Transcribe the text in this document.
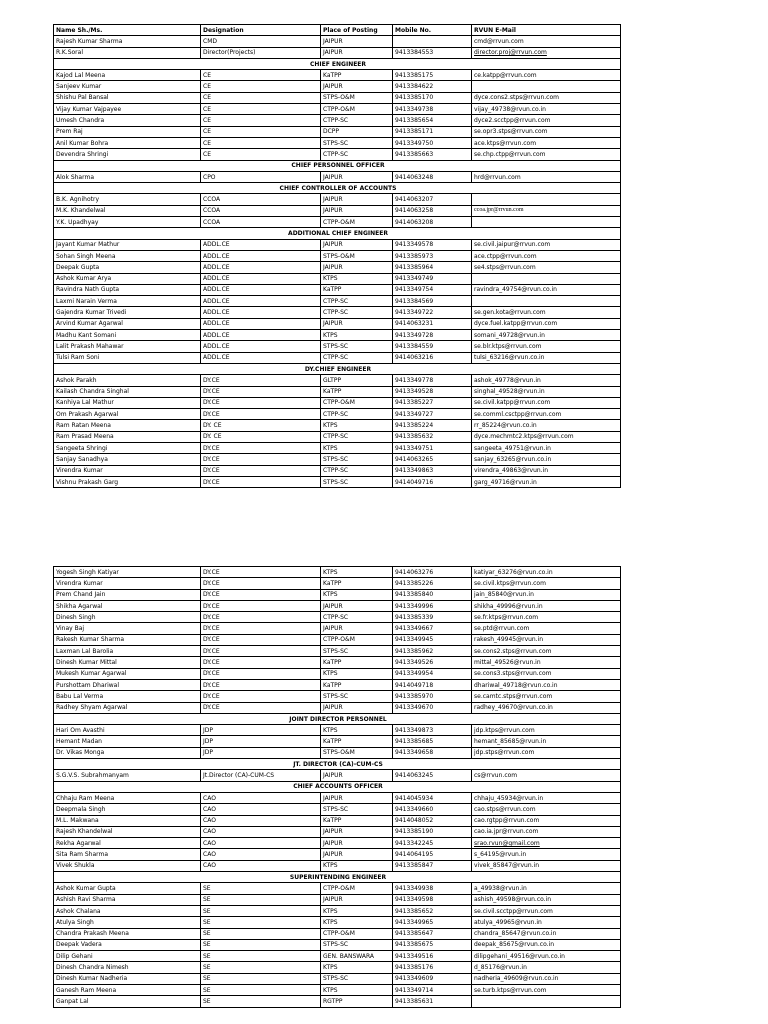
Name Sh./Ms.	Designation	Place of Posting	Mobile No.	RVUN E-Mail
Rajesh Kumar Sharma	CMD	JAIPUR		cmd@rrvun.com
R.K.Soral	Director(Projects)	JAIPUR	9413384553	director.proj@rrvun.com
CHIEF ENGINEER				
Kajod Lal Meena	CE	KaTPP	9413385175	ce.katpp@rrvun.com
Sanjeev Kumar	CE	JAIPUR	9413384622	
Shishu Pal Bansal	CE	STPS-O&M	9413385170	dyce.cons2.stps@rrvun.com
Vijay Kumar Vajpayee	CE	CTPP-O&M	9413349738	vijay_49738@rvun.co.in
Umesh Chandra	CE	CTPP-SC	9413385654	dyce2.scctpp@rrvun.com
Prem Raj	CE	DCPP	9413385171	se.opr3.stps@rrvun.com
Anil Kumar Bohra	CE	STPS-SC	9413349750	ace.ktps@rrvun.com
Devendra Shringi	CE	CTPP-SC	9413385663	se.chp.ctpp@rrvun.com
CHIEF PERSONNEL OFFICER				
Alok Sharma	CPO	JAIPUR	9414063248	hrd@rrvun.com
CHIEF CONTROLLER OF ACCOUNTS				
B.K. Agnihotry	CCOA	JAIPUR	9414063207	
M.K. Khandelwal	CCOA	JAIPUR	9414063258	ccoa.jpr@rrvun.com
Y.K. Upadhyay	CCOA	CTPP-O&M	9414063208	
ADDITIONAL CHIEF ENGINEER				
Jayant Kumar Mathur	ADDL.CE	JAIPUR	9413349578	se.civil.jaipur@rrvun.com
Sohan Singh Meena	ADDL.CE	STPS-O&M	9413385973	ace.ctpp@rrvun.com
Deepak Gupta	ADDL.CE	JAIPUR	9413385964	se4.stps@rrvun.com
Ashok Kumar Arya	ADDL.CE	KTPS	9413349749	
Ravindra Nath Gupta	ADDL.CE	KaTPP	9413349754	ravindra_49754@rvun.co.in
Laxmi Narain Verma	ADDL.CE	CTPP-SC	9413384569	
Gajendra Kumar Trivedi	ADDL.CE	CTPP-SC	9413349722	se.gen.kota@rrvun.com
Arvind Kumar Agarwal	ADDL.CE	JAIPUR	9414063231	dyce.fuel.katpp@rrvun.com
Madhu Kant Somani	ADDL.CE	KTPS	9413349728	somani_49728@rvun.in
Lalit Prakash Mahawar	ADDL.CE	STPS-SC	9413384559	se.blr.ktps@rrvun.com
Tulsi Ram Soni	ADDL.CE	CTPP-SC	9414063216	tulsi_63216@rvun.co.in
DY.CHIEF ENGINEER				
Ashok Parakh	DY.CE	GLTPP	9413349778	ashok_49778@rvun.in
Kailash Chandra Singhal	DY.CE	KaTPP	9413349528	singhal_49528@rvun.in
Kanhiya Lal Mathur	DY.CE	CTPP-O&M	9413385227	se.civil.katpp@rrvun.com
Om Prakash Agarwal	DY.CE	CTPP-SC	9413349727	se.comml.csctpp@rrvun.com
Ram Ratan Meena	DY. CE	KTPS	9413385224	rr_85224@rvun.co.in
Ram Prasad Meena	DY. CE	CTPP-SC	9413385632	dyce.mechmtc2.ktps@rrvun.com
Sangeeta Shringi	DY.CE	KTPS	9413349751	sangeeta_49751@rvun.in
Sanjay Sanadhya	DY.CE	STPS-SC	9414063265	sanjay_63265@rvun.co.in
Virendra Kumar	DY.CE	CTPP-SC	9413349863	virendra_49863@rvun.in
Vishnu Prakash Garg	DY.CE	STPS-SC	9414049716	garg_49716@rvun.in
Yogesh Singh Katiyar	DY.CE	KTPS	9414063276	katiyar_63276@rvun.co.in
Virendra Kumar	DY.CE	KaTPP	9413385226	se.civil.ktps@rrvun.com
Prem Chand Jain	DY.CE	KTPS	9413385840	jain_85840@rvun.in
Shikha Agarwal	DY.CE	JAIPUR	9413349996	shikha_49996@rvun.in
Dinesh Singh	DY.CE	CTPP-SC	9413385339	se.fr.ktps@rrvun.com
Vinay Baj	DY.CE	JAIPUR	9413349667	se.ptd@rrvun.com
Rakesh Kumar Sharma	DY.CE	CTPP-O&M	9413349945	rakesh_49945@rvun.in
Laxman Lal Barolia	DY.CE	STPS-SC	9413385962	se.cons2.stps@rrvun.com
Dinesh Kumar Mittal	DY.CE	KaTPP	9413349526	mittal_49526@rvun.in
Mukesh Kumar Agarwal	DY.CE	KTPS	9413349954	se.cons3.stps@rrvun.com
Purshottam Dhariwal	DY.CE	KaTPP	9414049718	dhariwal_49718@rvun.co.in
Babu Lal Verma	DY.CE	STPS-SC	9413385970	se.camtc.stps@rrvun.com
Radhey Shyam Agarwal	DY.CE	JAIPUR	9413349670	radhey_49670@rvun.co.in
JOINT DIRECTOR PERSONNEL				
Hari Om Avasthi	JDP	KTPS	9413349873	jdp.ktps@rrvun.com
Hemant Madan	JDP	KaTPP	9413385685	hemant_85685@rvun.in
Dr. Vikas Monga	JDP	STPS-O&M	9413349658	jdp.stps@rrvun.com
JT. DIRECTOR (CA)-CUM-CS				
S.G.V.S. Subrahmanyam	Jt.Director (CA)-CUM-CS	JAIPUR	9414063245	cs@rrvun.com
CHIEF ACCOUNTS OFFICER				
Chhaju Ram Meena	CAO	JAIPUR	9414045934	chhaju_45934@rvun.in
Deepmala Singh	CAO	STPS-SC	9413349660	cao.stps@rrvun.com
M.L. Makwana	CAO	KaTPP	9414048052	cao.rgtpp@rrvun.com
Rajesh Khandelwal	CAO	JAIPUR	9413385190	cao.ia.jpr@rrvun.com
Rekha Agarwal	CAO	JAIPUR	9413342245	srao.rvun@gmail.com
Sita Ram Sharma	CAO	JAIPUR	9414064195	s_64195@rvun.in
Vivek Shukla	CAO	KTPS	9413385847	vivek_85847@rvun.in
SUPERINTENDING ENGINEER				
Ashok Kumar Gupta	SE	CTPP-O&M	9413349938	a_49938@rvun.in
Ashish Ravi Sharma	SE	JAIPUR	9413349598	ashish_49598@rvun.co.in
Ashok Chalana	SE	KTPS	9413385652	se.civil.scctpp@rrvun.com
Atulya Singh	SE	KTPS	9413349965	atulya_49965@rvun.in
Chandra Prakash Meena	SE	CTPP-O&M	9413385647	chandra_85647@rvun.co.in
Deepak Vadera	SE	STPS-SC	9413385675	deepak_85675@rvun.co.in
Dilip Gehani	SE	GEN. BANSWARA	9413349516	dilipgehani_49516@rvun.co.in
Dinesh Chandra Nimesh	SE	KTPS	9413385176	d_85176@rvun.in
Dinesh Kumar Nadheria	SE	STPS-SC	9413349609	nadheria_49609@rvun.co.in
Ganesh Ram Meena	SE	KTPS	9413349714	se.turb.ktps@rrvun.com
Ganpat Lal	SE	RGTPP	9413385631	
